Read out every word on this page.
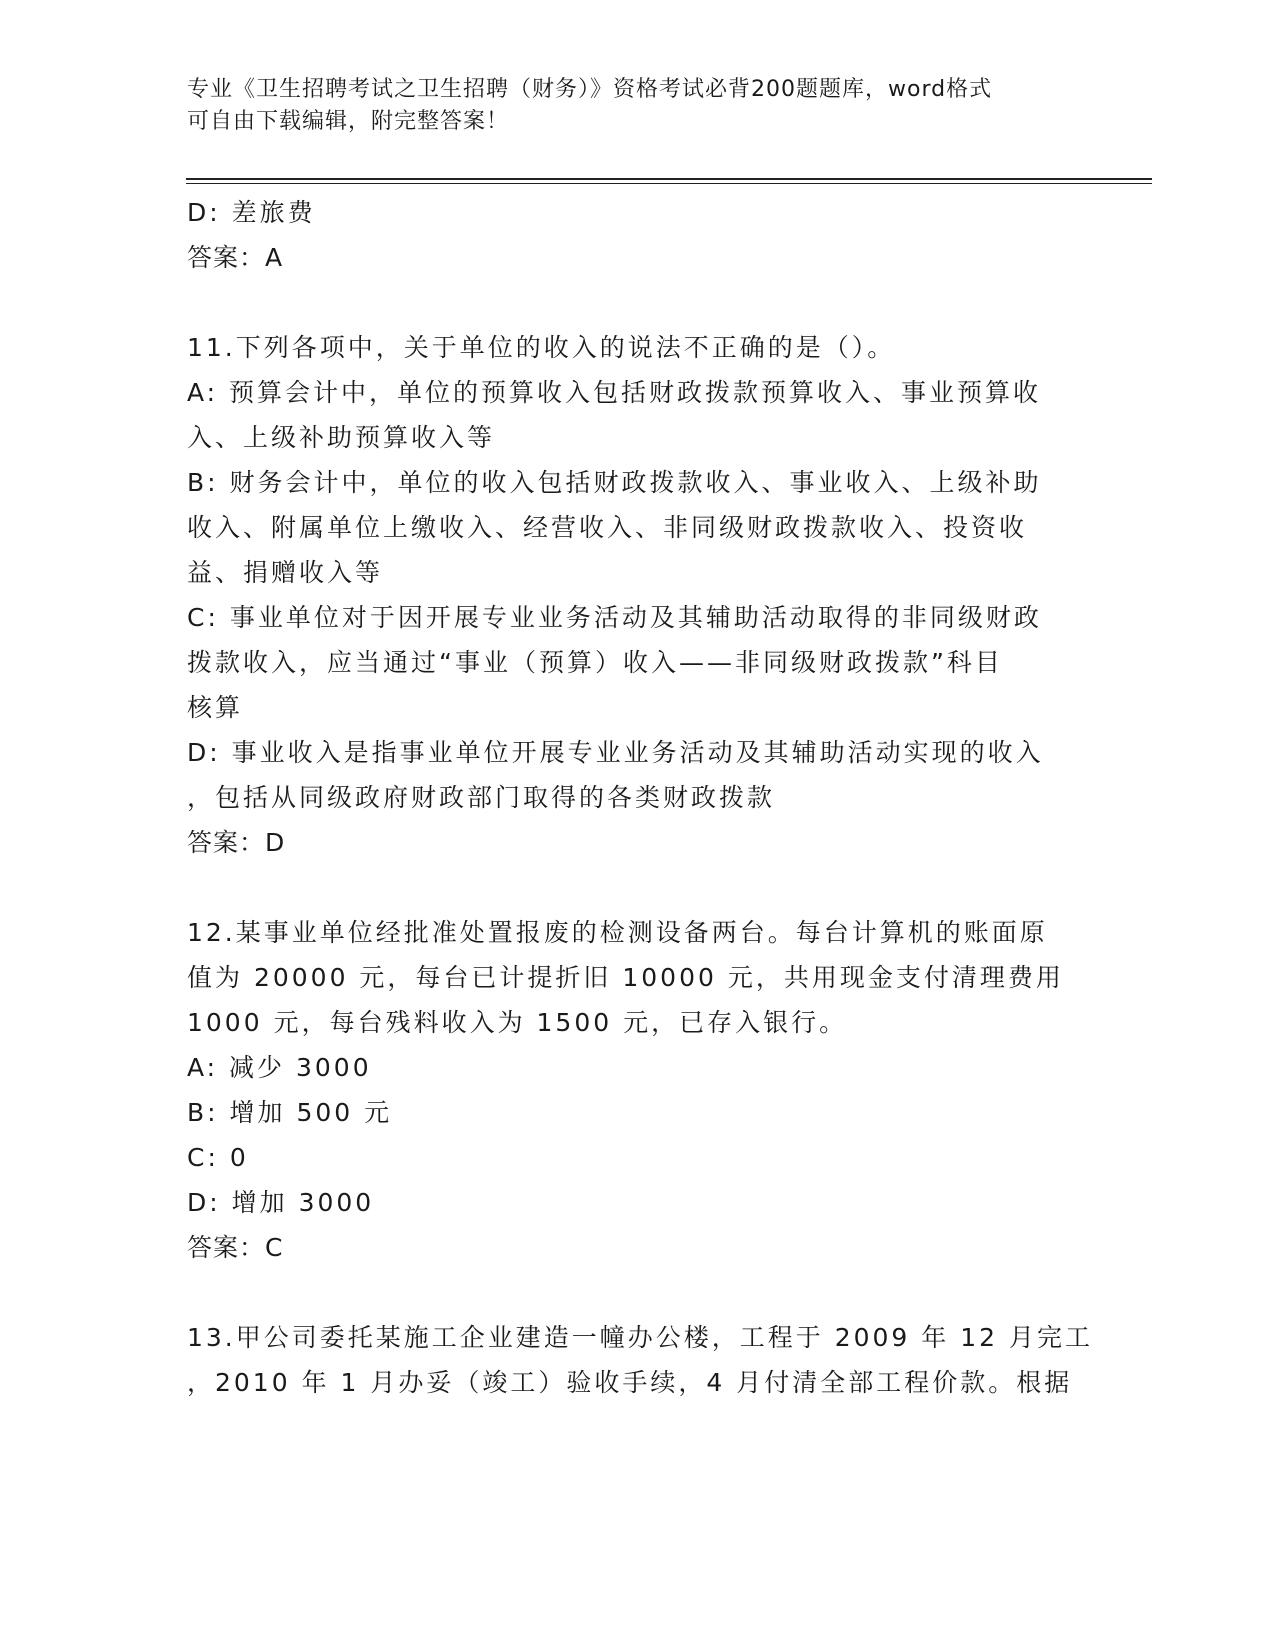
专业《卫生招聘考试之卫生招聘（财务）》资格考试必背200题题库，word格式
可自由下载编辑，附完整答案！
D: 差旅费
答案：A
11.下列各项中，关于单位的收入的说法不正确的是（）。
A: 预算会计中，单位的预算收入包括财政拨款预算收入、事业预算收
入、上级补助预算收入等
B: 财务会计中，单位的收入包括财政拨款收入、事业收入、上级补助
收入、附属单位上缴收入、经营收入、非同级财政拨款收入、投资收
益、捐赠收入等
C: 事业单位对于因开展专业业务活动及其辅助活动取得的非同级财政
拨款收入，应当通过“事业（预算）收入——非同级财政拨款”科目
核算
D: 事业收入是指事业单位开展专业业务活动及其辅助活动实现的收入
，包括从同级政府财政部门取得的各类财政拨款
答案：D
12.某事业单位经批准处置报废的检测设备两台。每台计算机的账面原
值为 20000 元，每台已计提折旧 10000 元，共用现金支付清理费用
1000 元，每台残料收入为 1500 元，已存入银行。
A: 减少 3000
B: 增加 500 元
C: 0
D: 增加 3000
答案：C
13.甲公司委托某施工企业建造一幢办公楼，工程于 2009 年 12 月完工
，2010 年 1 月办妥（竣工）验收手续，4 月付清全部工程价款。根据
